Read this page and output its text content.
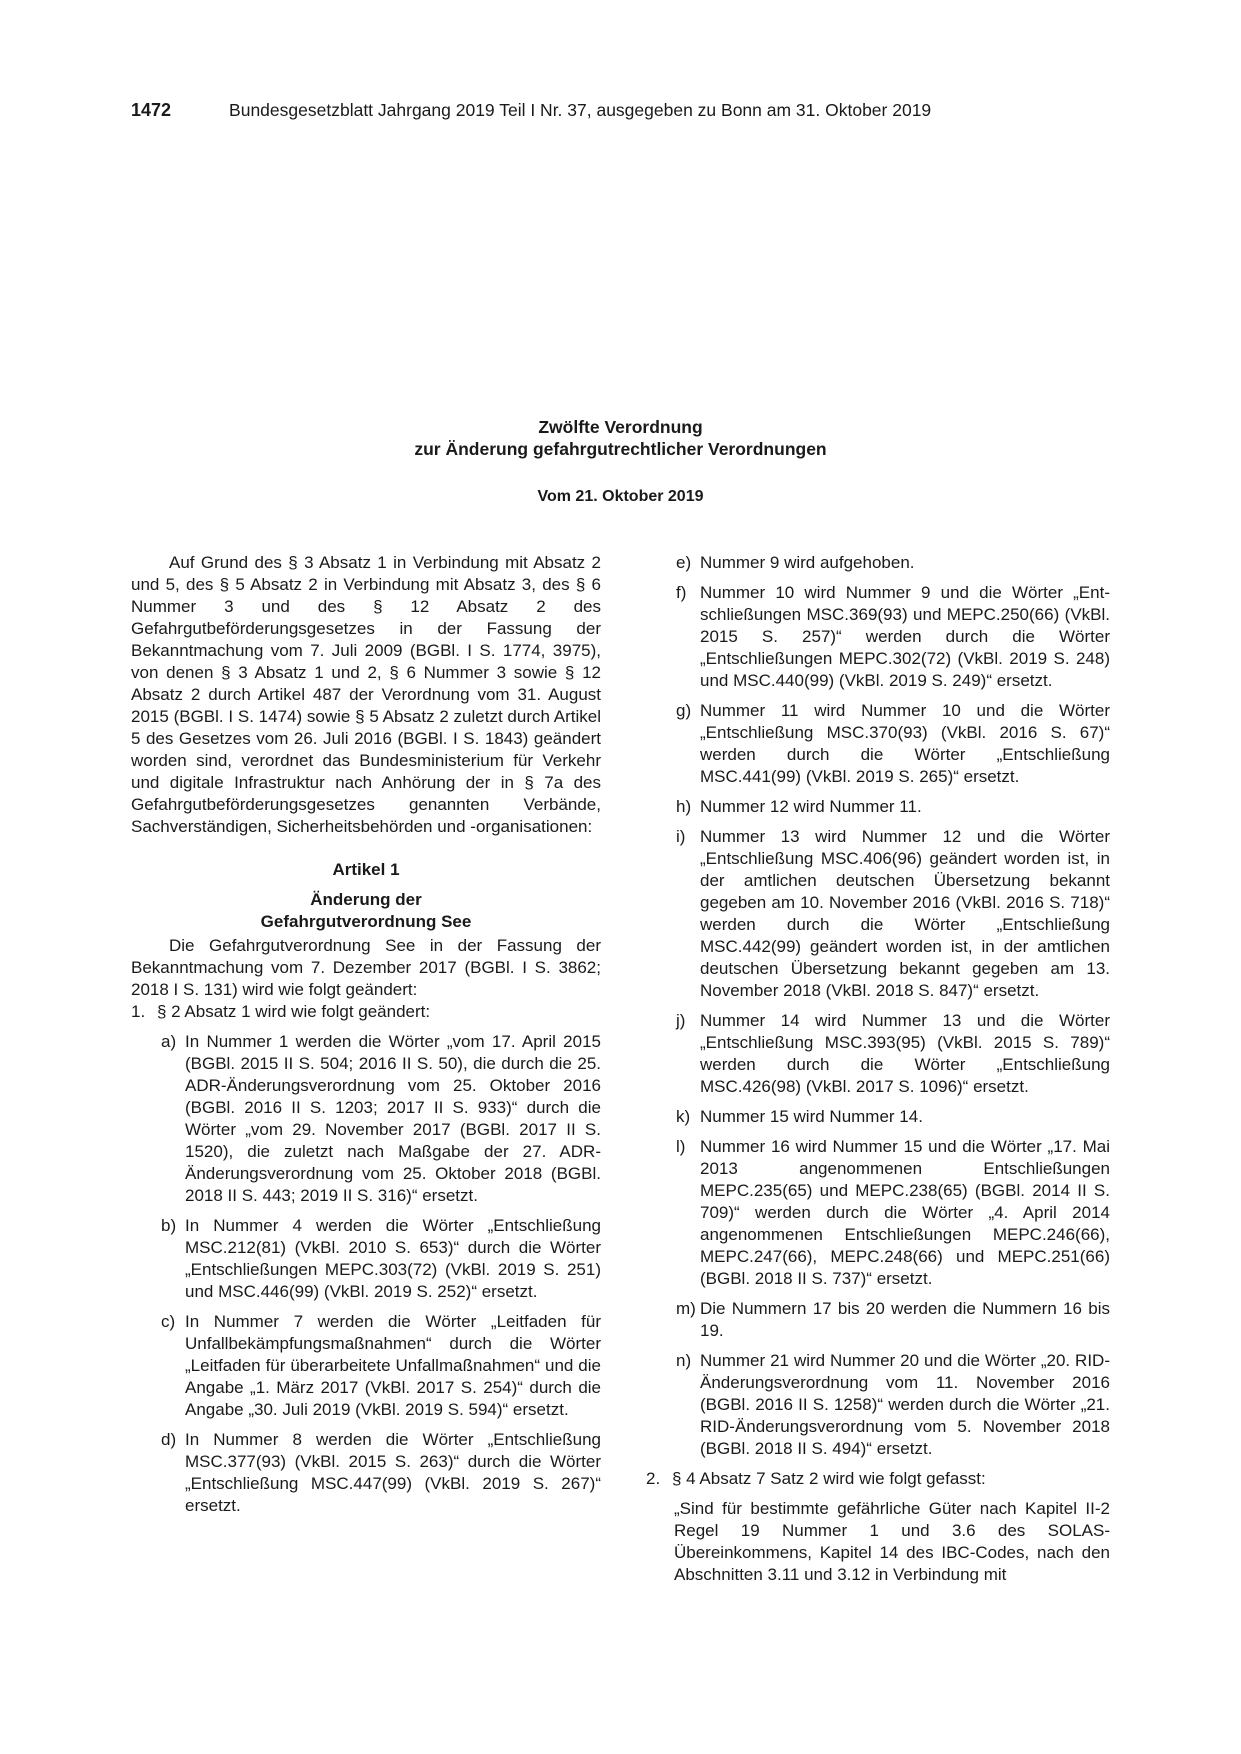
1472	Bundesgesetzblatt Jahrgang 2019 Teil I Nr. 37, ausgegeben zu Bonn am 31. Oktober 2019
Zwölfte Verordnung
zur Änderung gefahrgutrechtlicher Verordnungen
Vom 21. Oktober 2019

Auf Grund des § 3 Absatz 1 in Verbindung mit Absatz 2 und 5, des § 5 Absatz 2 in Verbindung mit Absatz 3, des § 6 Nummer 3 und des § 12 Absatz 2 des Gefahrgutbeförderungsgesetzes in der Fassung der Bekanntmachung vom 7. Juli 2009 (BGBl. I S. 1774, 3975), von denen § 3 Absatz 1 und 2, § 6 Nummer 3 sowie § 12 Absatz 2 durch Artikel 487 der Verordnung vom 31. August 2015 (BGBl. I S. 1474) sowie § 5 Absatz 2 zuletzt durch Artikel 5 des Gesetzes vom 26. Juli 2016 (BGBl. I S. 1843) geändert worden sind, verordnet das Bundesministerium für Verkehr und digitale Infrastruktur nach Anhörung der in § 7a des Gefahrgutbeförderungsgesetzes genannten Verbände, Sachverständigen, Sicherheitsbehörden und -organisationen:

Artikel 1

Änderung der

Gefahrgutverordnung See

Die Gefahrgutverordnung See in der Fassung der Bekanntmachung vom 7. Dezember 2017 (BGBl. I S. 3862; 2018 I S. 131) wird wie folgt geändert:

1. § 2 Absatz 1 wird wie folgt geändert:
a) In Nummer 1 werden die Wörter „vom 17. April 2015 (BGBl. 2015 II S. 504; 2016 II S. 50), die durch die 25. ADR-Änderungsverordnung vom 25. Oktober 2016 (BGBl. 2016 II S. 1203; 2017 II S. 933)“ durch die Wörter „vom 29. November 2017 (BGBl. 2017 II S. 1520), die zuletzt nach Maßgabe der 27. ADR-Änderungsverordnung vom 25. Oktober 2018 (BGBl. 2018 II S. 443; 2019 II S. 316)“ ersetzt.
b) In Nummer 4 werden die Wörter „Entschließung MSC.212(81) (VkBl. 2010 S. 653)“ durch die Wörter „Entschließungen MEPC.303(72) (VkBl. 2019 S. 251) und MSC.446(99) (VkBl. 2019 S. 252)“ ersetzt.
c) In Nummer 7 werden die Wörter „Leitfaden für Unfallbekämpfungsmaßnahmen“ durch die Wörter „Leitfaden für überarbeitete Unfallmaßnahmen“ und die Angabe „1. März 2017 (VkBl. 2017 S. 254)“ durch die Angabe „30. Juli 2019 (VkBl. 2019 S. 594)“ ersetzt.
d) In Nummer 8 werden die Wörter „Entschließung MSC.377(93) (VkBl. 2015 S. 263)“ durch die Wörter „Entschließung MSC.447(99) (VkBl. 2019 S. 267)“ ersetzt.
e) Nummer 9 wird aufgehoben.
f) Nummer 10 wird Nummer 9 und die Wörter „Entschließungen MSC.369(93) und MEPC.250(66) (VkBl. 2015 S. 257)“ werden durch die Wörter „Entschließungen MEPC.302(72) (VkBl. 2019 S. 248) und MSC.440(99) (VkBl. 2019 S. 249)“ ersetzt.
g) Nummer 11 wird Nummer 10 und die Wörter „Entschließung MSC.370(93) (VkBl. 2016 S. 67)“ werden durch die Wörter „Entschließung MSC.441(99) (VkBl. 2019 S. 265)“ ersetzt.
h) Nummer 12 wird Nummer 11.
i) Nummer 13 wird Nummer 12 und die Wörter „Entschließung MSC.406(96) geändert worden ist, in der amtlichen deutschen Übersetzung bekannt gegeben am 10. November 2016 (VkBl. 2016 S. 718)“ werden durch die Wörter „Entschließung MSC.442(99) geändert worden ist, in der amtlichen deutschen Übersetzung bekannt gegeben am 13. November 2018 (VkBl. 2018 S. 847)“ ersetzt.
j) Nummer 14 wird Nummer 13 und die Wörter „Entschließung MSC.393(95) (VkBl. 2015 S. 789)“ werden durch die Wörter „Entschließung MSC.426(98) (VkBl. 2017 S. 1096)“ ersetzt.
k) Nummer 15 wird Nummer 14.
l) Nummer 16 wird Nummer 15 und die Wörter „17. Mai 2013 angenommenen Entschließungen MEPC.235(65) und MEPC.238(65) (BGBl. 2014 II S. 709)“ werden durch die Wörter „4. April 2014 angenommenen Entschließungen MEPC.246(66), MEPC.247(66), MEPC.248(66) und MEPC.251(66) (BGBl. 2018 II S. 737)“ ersetzt.
m) Die Nummern 17 bis 20 werden die Nummern 16 bis 19.
n) Nummer 21 wird Nummer 20 und die Wörter „20. RID-Änderungsverordnung vom 11. November 2016 (BGBl. 2016 II S. 1258)“ werden durch die Wörter „21. RID-Änderungsverordnung vom 5. November 2018 (BGBl. 2018 II S. 494)“ ersetzt.
2. § 4 Absatz 7 Satz 2 wird wie folgt gefasst:

„Sind für bestimmte gefährliche Güter nach Kapitel II-2 Regel 19 Nummer 1 und 3.6 des SOLAS-Übereinkommens, Kapitel 14 des IBC-Codes, nach den Abschnitten 3.11 und 3.12 in Verbindung mit
